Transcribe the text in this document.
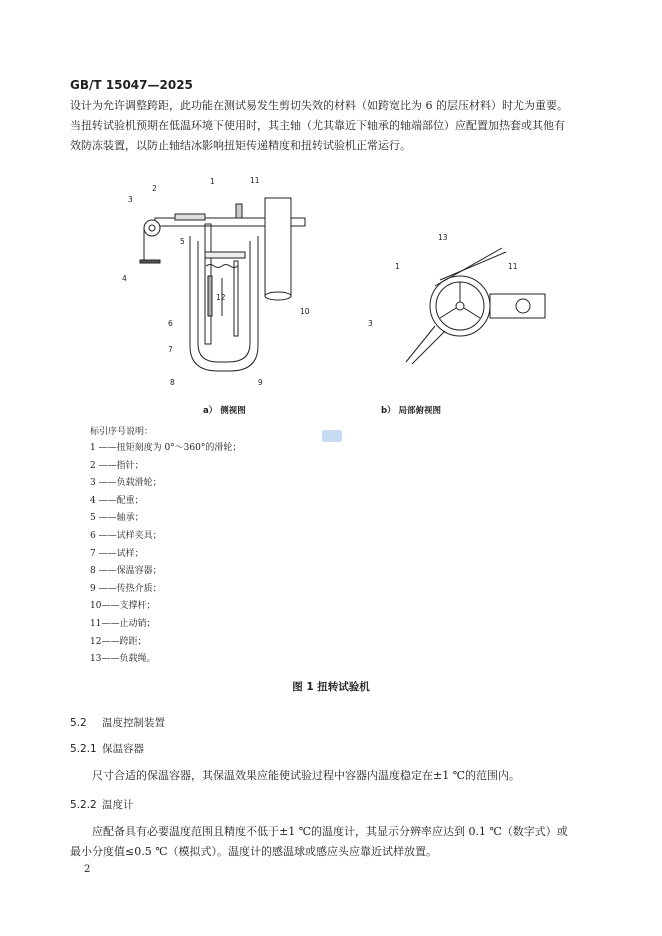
GB/T 15047—2025
设计为允许调整跨距，此功能在测试易发生剪切失效的材料（如跨宽比为 6 的层压材料）时尤为重要。
当扭转试验机预期在低温环境下使用时，其主轴（尤其靠近下轴承的轴端部位）应配置加热套或其他有
效防冻装置，以防止轴结冰影响扭矩传递精度和扭转试验机正常运行。
1
2
3
4
5
6
7
8	9
10
11
12
13
1	11
3
a） 侧视图	b） 局部俯视图
标引序号说明：
1 ——扭矩刻度为 0°～360°的滑轮；
2 ——指针；
3 ——负载滑轮；
4 ——配重；
5 ——轴承；
6 ——试样夹具；
7 ——试样；
8 ——保温容器；
9 ——传热介质；
10——支撑杆；
11——止动销；
12——跨距；
13——负载绳。
图 1 扭转试验机
5.2 温度控制装置
5.2.1 保温容器
尺寸合适的保温容器，其保温效果应能使试验过程中容器内温度稳定在±1 ℃的范围内。
5.2.2 温度计
应配备具有必要温度范围且精度不低于±1 ℃的温度计，其显示分辨率应达到 0.1 ℃（数字式）或
最小分度值≤0.5 ℃（模拟式）。温度计的感温球或感应头应靠近试样放置。
2
